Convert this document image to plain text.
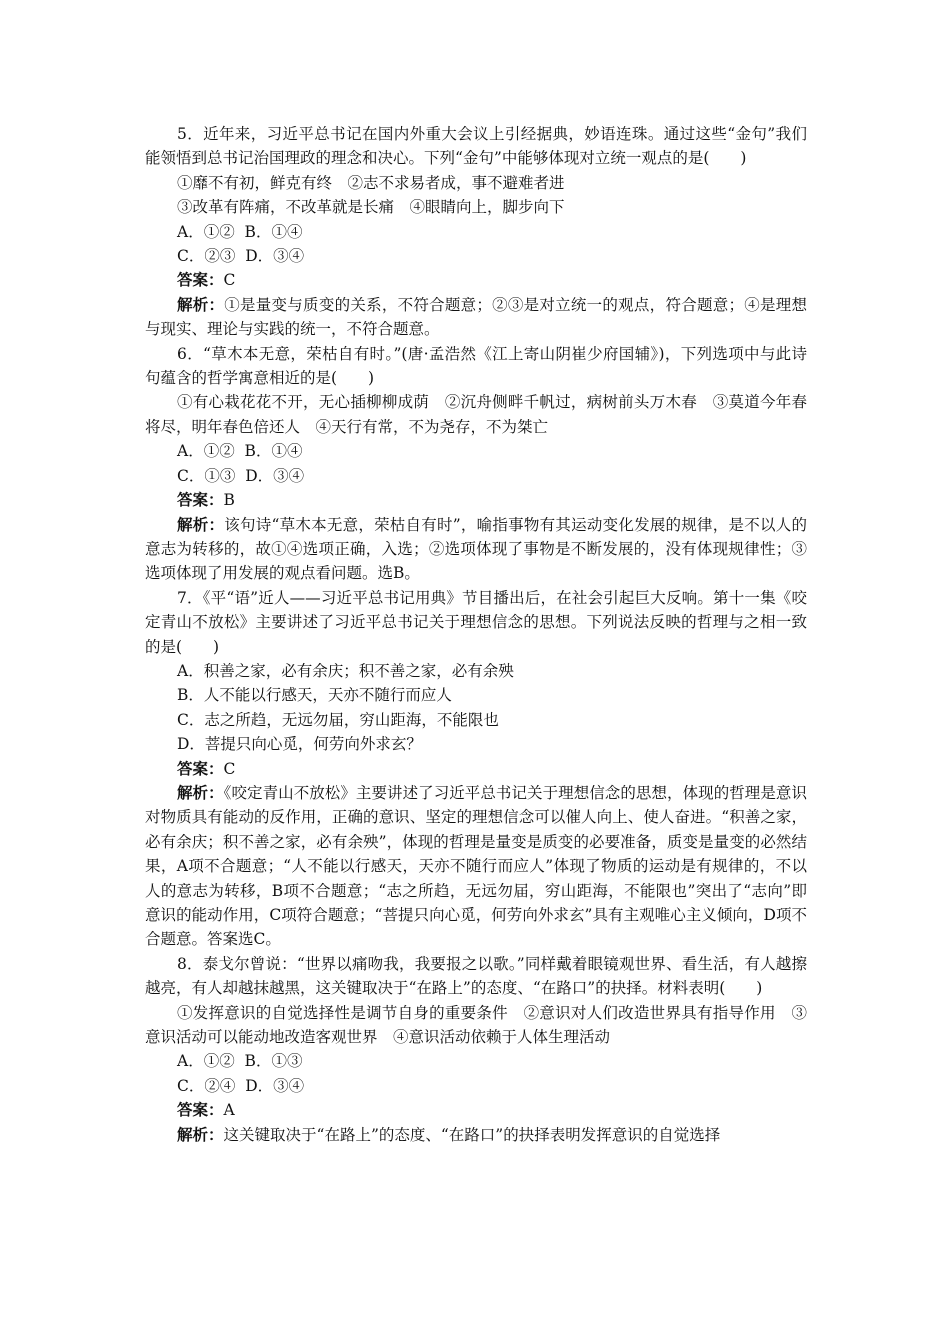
5．近年来，习近平总书记在国内外重大会议上引经据典，妙语连珠。通过这些“金句”我们能领悟到总书记治国理政的理念和决心。下列“金句”中能够体现对立统一观点的是(　　)

①靡不有初，鲜克有终　②志不求易者成，事不避难者进

③改革有阵痛，不改革就是长痛　④眼睛向上，脚步向下

A．①②  B．①④

C．②③  D．③④

答案：C

解析：①是量变与质变的关系，不符合题意；②③是对立统一的观点，符合题意；④是理想与现实、理论与实践的统一，不符合题意。

6．“草木本无意，荣枯自有时。”(唐·孟浩然《江上寄山阴崔少府国辅》)，下列选项中与此诗句蕴含的哲学寓意相近的是(　　)

①有心栽花花不开，无心插柳柳成荫　②沉舟侧畔千帆过，病树前头万木春　③莫道今年春将尽，明年春色倍还人　④天行有常，不为尧存，不为桀亡

A．①②  B．①④

C．①③  D．③④

答案：B

解析：该句诗“草木本无意，荣枯自有时”，喻指事物有其运动变化发展的规律，是不以人的意志为转移的，故①④选项正确，入选；②选项体现了事物是不断发展的，没有体现规律性；③选项体现了用发展的观点看问题。选B。

7．《平“语”近人——习近平总书记用典》节目播出后，在社会引起巨大反响。第十一集《咬定青山不放松》主要讲述了习近平总书记关于理想信念的思想。下列说法反映的哲理与之相一致的是(　　)

A．积善之家，必有余庆；积不善之家，必有余殃

B．人不能以行感天，天亦不随行而应人

C．志之所趋，无远勿届，穷山距海，不能限也

D．菩提只向心觅，何劳向外求玄？

答案：C

解析：《咬定青山不放松》主要讲述了习近平总书记关于理想信念的思想，体现的哲理是意识对物质具有能动的反作用，正确的意识、坚定的理想信念可以催人向上、使人奋进。“积善之家，必有余庆；积不善之家，必有余殃”，体现的哲理是量变是质变的必要准备，质变是量变的必然结果，A项不合题意；“人不能以行感天，天亦不随行而应人”体现了物质的运动是有规律的，不以人的意志为转移，B项不合题意；“志之所趋，无远勿届，穷山距海，不能限也”突出了“志向”即意识的能动作用，C项符合题意；“菩提只向心觅，何劳向外求玄”具有主观唯心主义倾向，D项不合题意。答案选C。

8．泰戈尔曾说：“世界以痛吻我，我要报之以歌。”同样戴着眼镜观世界、看生活，有人越擦越亮，有人却越抹越黑，这关键取决于“在路上”的态度、“在路口”的抉择。材料表明(　　)

①发挥意识的自觉选择性是调节自身的重要条件　②意识对人们改造世界具有指导作用　③意识活动可以能动地改造客观世界　④意识活动依赖于人体生理活动

A．①②  B．①③

C．②④  D．③④

答案：A

解析：这关键取决于“在路上”的态度、“在路口”的抉择表明发挥意识的自觉选择
